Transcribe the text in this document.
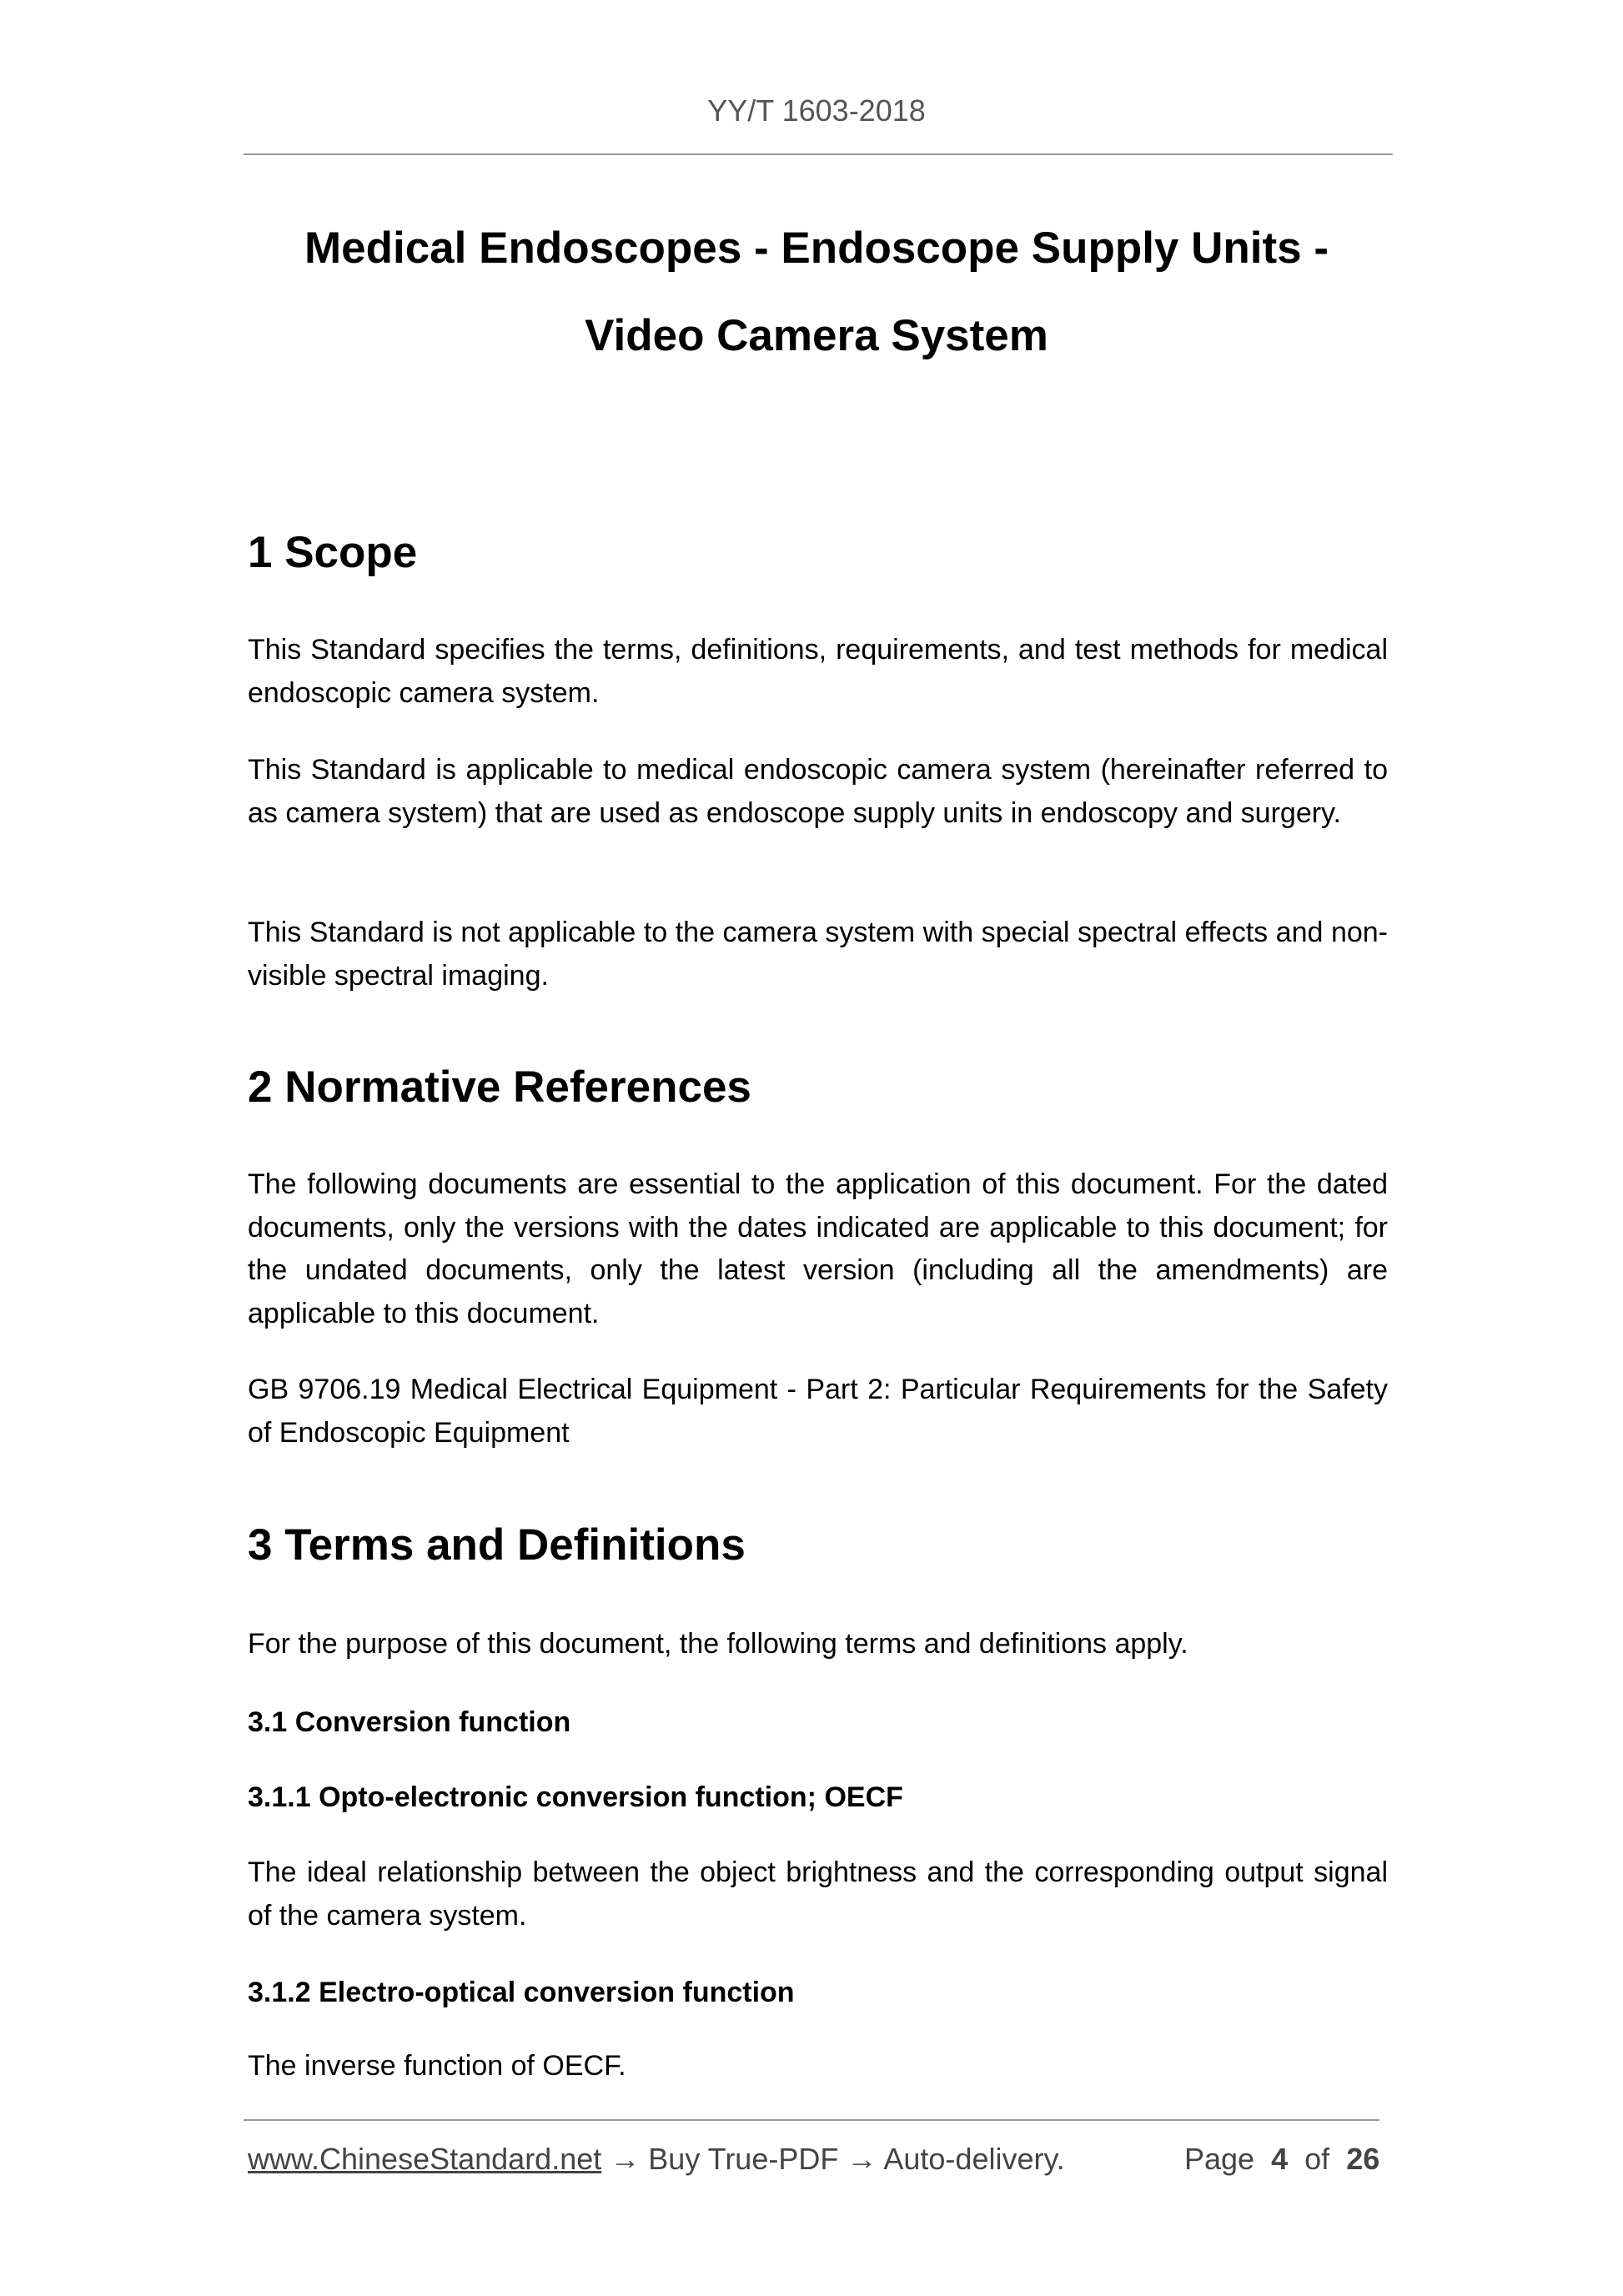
YY/T 1603-2018
Medical Endoscopes - Endoscope Supply Units -
Video Camera System
1 Scope
This Standard specifies the terms, definitions, requirements, and test methods for medical endoscopic camera system.
This Standard is applicable to medical endoscopic camera system (hereinafter referred to as camera system) that are used as endoscope supply units in endoscopy and surgery.
This Standard is not applicable to the camera system with special spectral effects and non-visible spectral imaging.
2 Normative References
The following documents are essential to the application of this document. For the dated documents, only the versions with the dates indicated are applicable to this document; for the undated documents, only the latest version (including all the amendments) are applicable to this document.
GB 9706.19 Medical Electrical Equipment - Part 2: Particular Requirements for the Safety of Endoscopic Equipment
3 Terms and Definitions
For the purpose of this document, the following terms and definitions apply.
3.1 Conversion function
3.1.1 Opto-electronic conversion function; OECF
The ideal relationship between the object brightness and the corresponding output signal of the camera system.
3.1.2 Electro-optical conversion function
The inverse function of OECF.
www.ChineseStandard.net → Buy True-PDF → Auto-delivery.	Page 4 of 26
